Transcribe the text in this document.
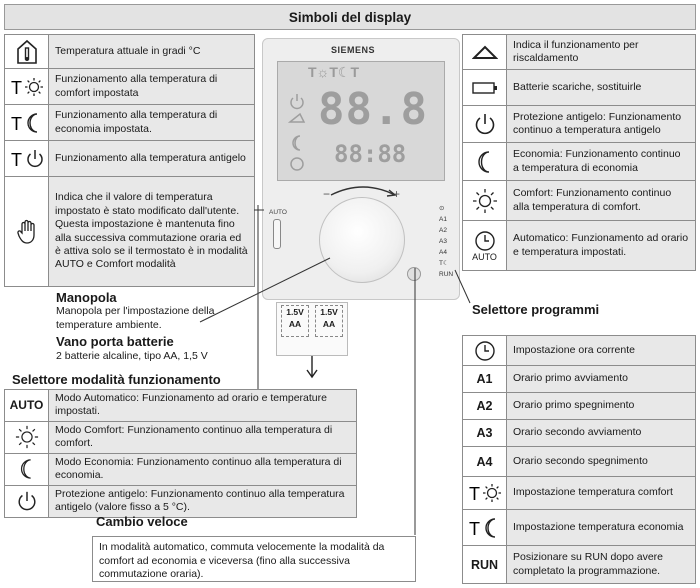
Simboli del display
	Temperatura attuale in gradi °C

T	Funzionamento alla temperatura di comfort impostata

T	Funzionamento alla temperatura di economia impostata.

T	Funzionamento alla temperatura antigelo

	Indica che il valore di temperatura impostato è stato modificato dall'utente. Questa impostazione è mantenuta fino alla successiva commutazione oraria ed è attiva solo se il termostato è in modalità AUTO e Comfort modalità
	Indica il funzionamento per riscaldamento

	Batterie scariche, sostituirle

	Protezione antigelo: Funzionamento continuo a temperatura antigelo

	Economia: Funzionamento continuo a temperatura di economia

	Comfort: Funzionamento continuo alla temperatura di comfort.

AUTO	Automatico: Funzionamento ad orario e temperatura impostati.
SIEMENS
T☼T☾T
88.8
88:88
−	+
AUTO
⊙
A1
A2
A3
A4
T☾
RUN
1.5V
AA
1.5V
AA
Manopola
Manopola per l'impostazione della temperature ambiente.
Vano porta batterie
2 batterie alcaline, tipo AA, 1,5 V
Selettore modalità funzionamento
AUTO	Modo Automatico: Funzionamento ad orario e temperature impostati.

	Modo Comfort: Funzionamento continuo alla temperatura di comfort.

	Modo Economia: Funzionamento continuo alla temperatura di economia.

	Protezione antigelo: Funzionamento continuo alla temperatura antigelo (valore fisso a 5 °C).
Cambio veloce
In modalità automatico, commuta velocemente la modalità da comfort ad economia e viceversa (fino alla successiva commutazione oraria).
Selettore programmi
	Impostazione ora corrente
A1	Orario primo avviamento
A2	Orario primo spegnimento
A3	Orario secondo avviamento
A4	Orario secondo spegnimento

T	Impostazione temperatura comfort

T	Impostazione temperatura economia
RUN	Posizionare su RUN dopo avere completato la programmazione.
